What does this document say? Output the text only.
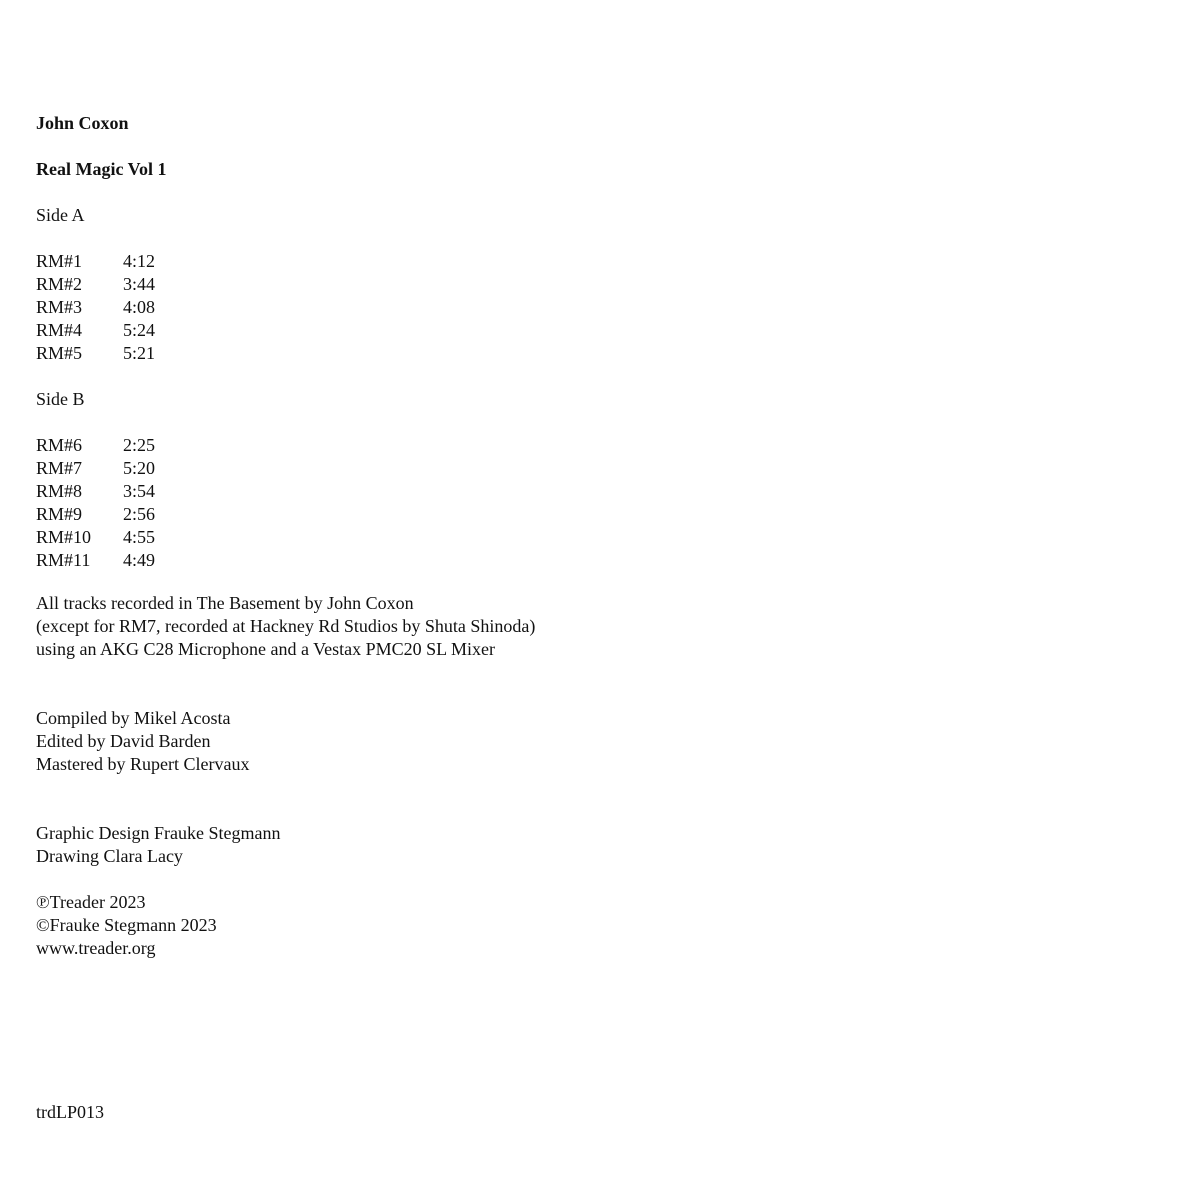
John Coxon
Real Magic Vol 1
Side A
RM#1 4:12
RM#2 3:44
RM#3 4:08
RM#4 5:24
RM#5 5:21
Side B
RM#6 2:25
RM#7 5:20
RM#8 3:54
RM#9 2:56
RM#10 4:55
RM#11 4:49
All tracks recorded in The Basement by John Coxon
(except for RM7, recorded at Hackney Rd Studios by Shuta Shinoda)
using an AKG C28 Microphone and a Vestax PMC20 SL Mixer
Compiled by Mikel Acosta
Edited by David Barden
Mastered by Rupert Clervaux
Graphic Design Frauke Stegmann
Drawing Clara Lacy
℗Treader 2023
©Frauke Stegmann 2023
www.treader.org
trdLP013
